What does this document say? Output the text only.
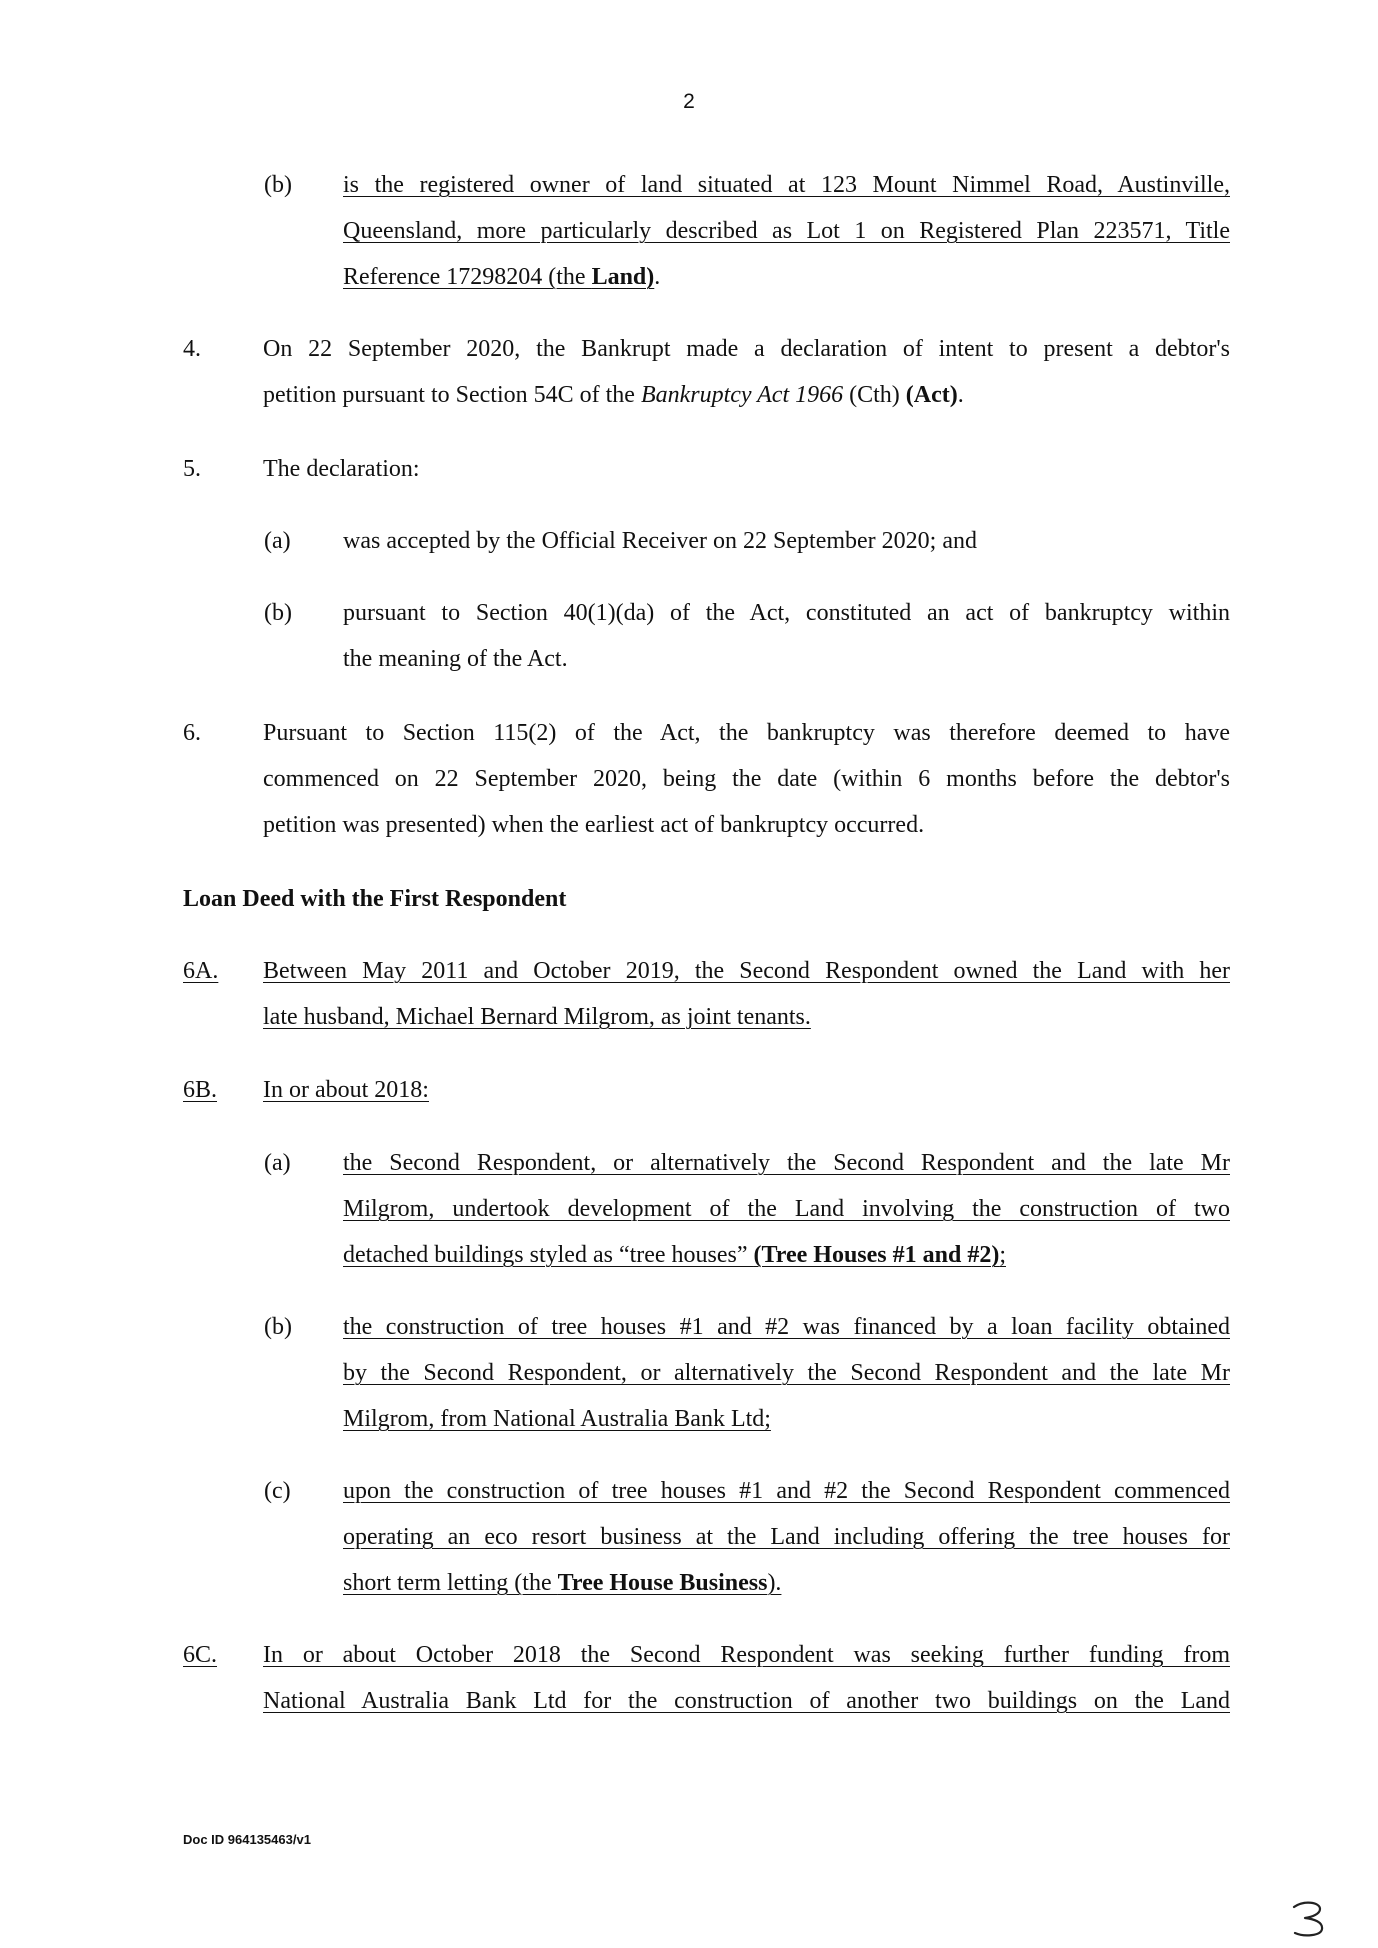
2
(b) is the registered owner of land situated at 123 Mount Nimmel Road, Austinville,
Queensland, more particularly described as Lot 1 on Registered Plan 223571, Title
Reference 17298204 (the Land).
4.	On 22 September 2020, the Bankrupt made a declaration of intent to present a debtor's
petition pursuant to Section 54C of the Bankruptcy Act 1966 (Cth) (Act).
5.	The declaration:
(a) was accepted by the Official Receiver on 22 September 2020; and
(b) pursuant to Section 40(1)(da) of the Act, constituted an act of bankruptcy within
the meaning of the Act.
6.	Pursuant to Section 115(2) of the Act, the bankruptcy was therefore deemed to have
commenced on 22 September 2020, being the date (within 6 months before the debtor's
petition was presented) when the earliest act of bankruptcy occurred.
Loan Deed with the First Respondent
6A.	Between May 2011 and October 2019, the Second Respondent owned the Land with her
late husband, Michael Bernard Milgrom, as joint tenants.
6B.	In or about 2018:
(a) the Second Respondent, or alternatively the Second Respondent and the late Mr
Milgrom, undertook development of the Land involving the construction of two
detached buildings styled as “tree houses” (Tree Houses #1 and #2);
(b) the construction of tree houses #1 and #2 was financed by a loan facility obtained
by the Second Respondent, or alternatively the Second Respondent and the late Mr
Milgrom, from National Australia Bank Ltd;
(c) upon the construction of tree houses #1 and #2 the Second Respondent commenced
operating an eco resort business at the Land including offering the tree houses for
short term letting (the Tree House Business).
6C.	In or about October 2018 the Second Respondent was seeking further funding from
National Australia Bank Ltd for the construction of another two buildings on the Land
Doc ID 964135463/v1
